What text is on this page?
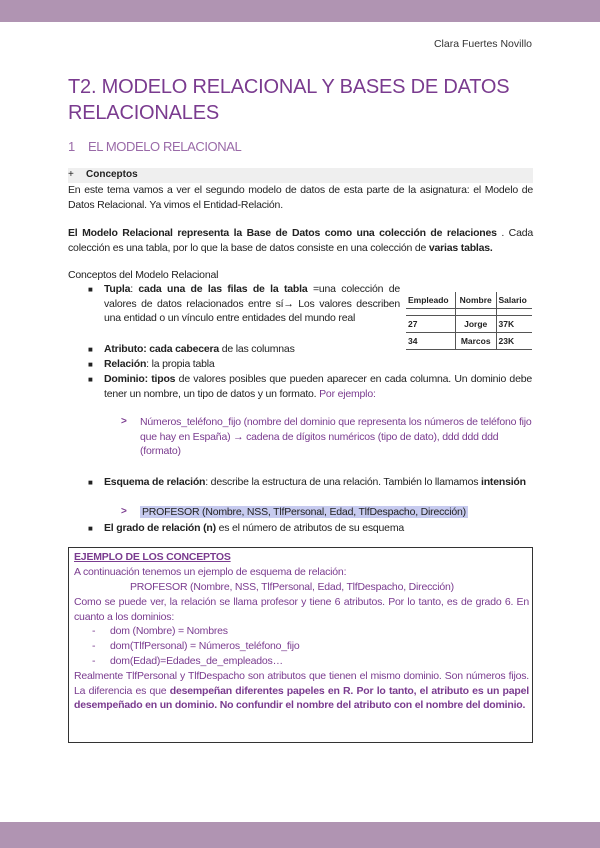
Clara Fuertes Novillo
T2. MODELO RELACIONAL Y BASES DE DATOS RELACIONALES
1 EL MODELO RELACIONAL
+ Conceptos
En este tema vamos a ver el segundo modelo de datos de esta parte de la asignatura: el Modelo de Datos Relacional. Ya vimos el Entidad-Relación.
El Modelo Relacional representa la Base de Datos como una colección de relaciones . Cada colección es una tabla, por lo que la base de datos consiste en una colección de varias tablas.
Conceptos del Modelo Relacional
■ Tupla: cada una de las filas de la tabla =una colección de valores de datos relacionados entre sí→ Los valores describen una entidad o un vínculo entre entidades del mundo real
Empleado	Nombre	Salario

27	Jorge	37K
34	Marcos	23K
■ Atributo: cada cabecera de las columnas
■ Relación: la propia tabla
■ Dominio: tipos de valores posibles que pueden aparecer en cada columna. Un dominio debe tener un nombre, un tipo de datos y un formato. Por ejemplo:
> Números_teléfono_fijo (nombre del dominio que representa los números de teléfono fijo que hay en España) → cadena de dígitos numéricos (tipo de dato), ddd ddd ddd (formato)
■ Esquema de relación: describe la estructura de una relación. También lo llamamos intensión
> PROFESOR (Nombre, NSS, TlfPersonal, Edad, TlfDespacho, Dirección)
■ El grado de relación (n) es el número de atributos de su esquema
EJEMPLO DE LOS CONCEPTOS
A continuación tenemos un ejemplo de esquema de relación:
PROFESOR (Nombre, NSS, TlfPersonal, Edad, TlfDespacho, Dirección)
Como se puede ver, la relación se llama profesor y tiene 6 atributos. Por lo tanto, es de grado 6. En cuanto a los dominios:
- dom (Nombre) = Nombres
- dom(TlfPersonal) = Números_teléfono_fijo
- dom(Edad)=Edades_de_empleados…
Realmente TlfPersonal y TlfDespacho son atributos que tienen el mismo dominio. Son números fijos. La diferencia es que desempeñan diferentes papeles en R. Por lo tanto, el atributo es un papel desempeñado en un dominio. No confundir el nombre del atributo con el nombre del dominio.
